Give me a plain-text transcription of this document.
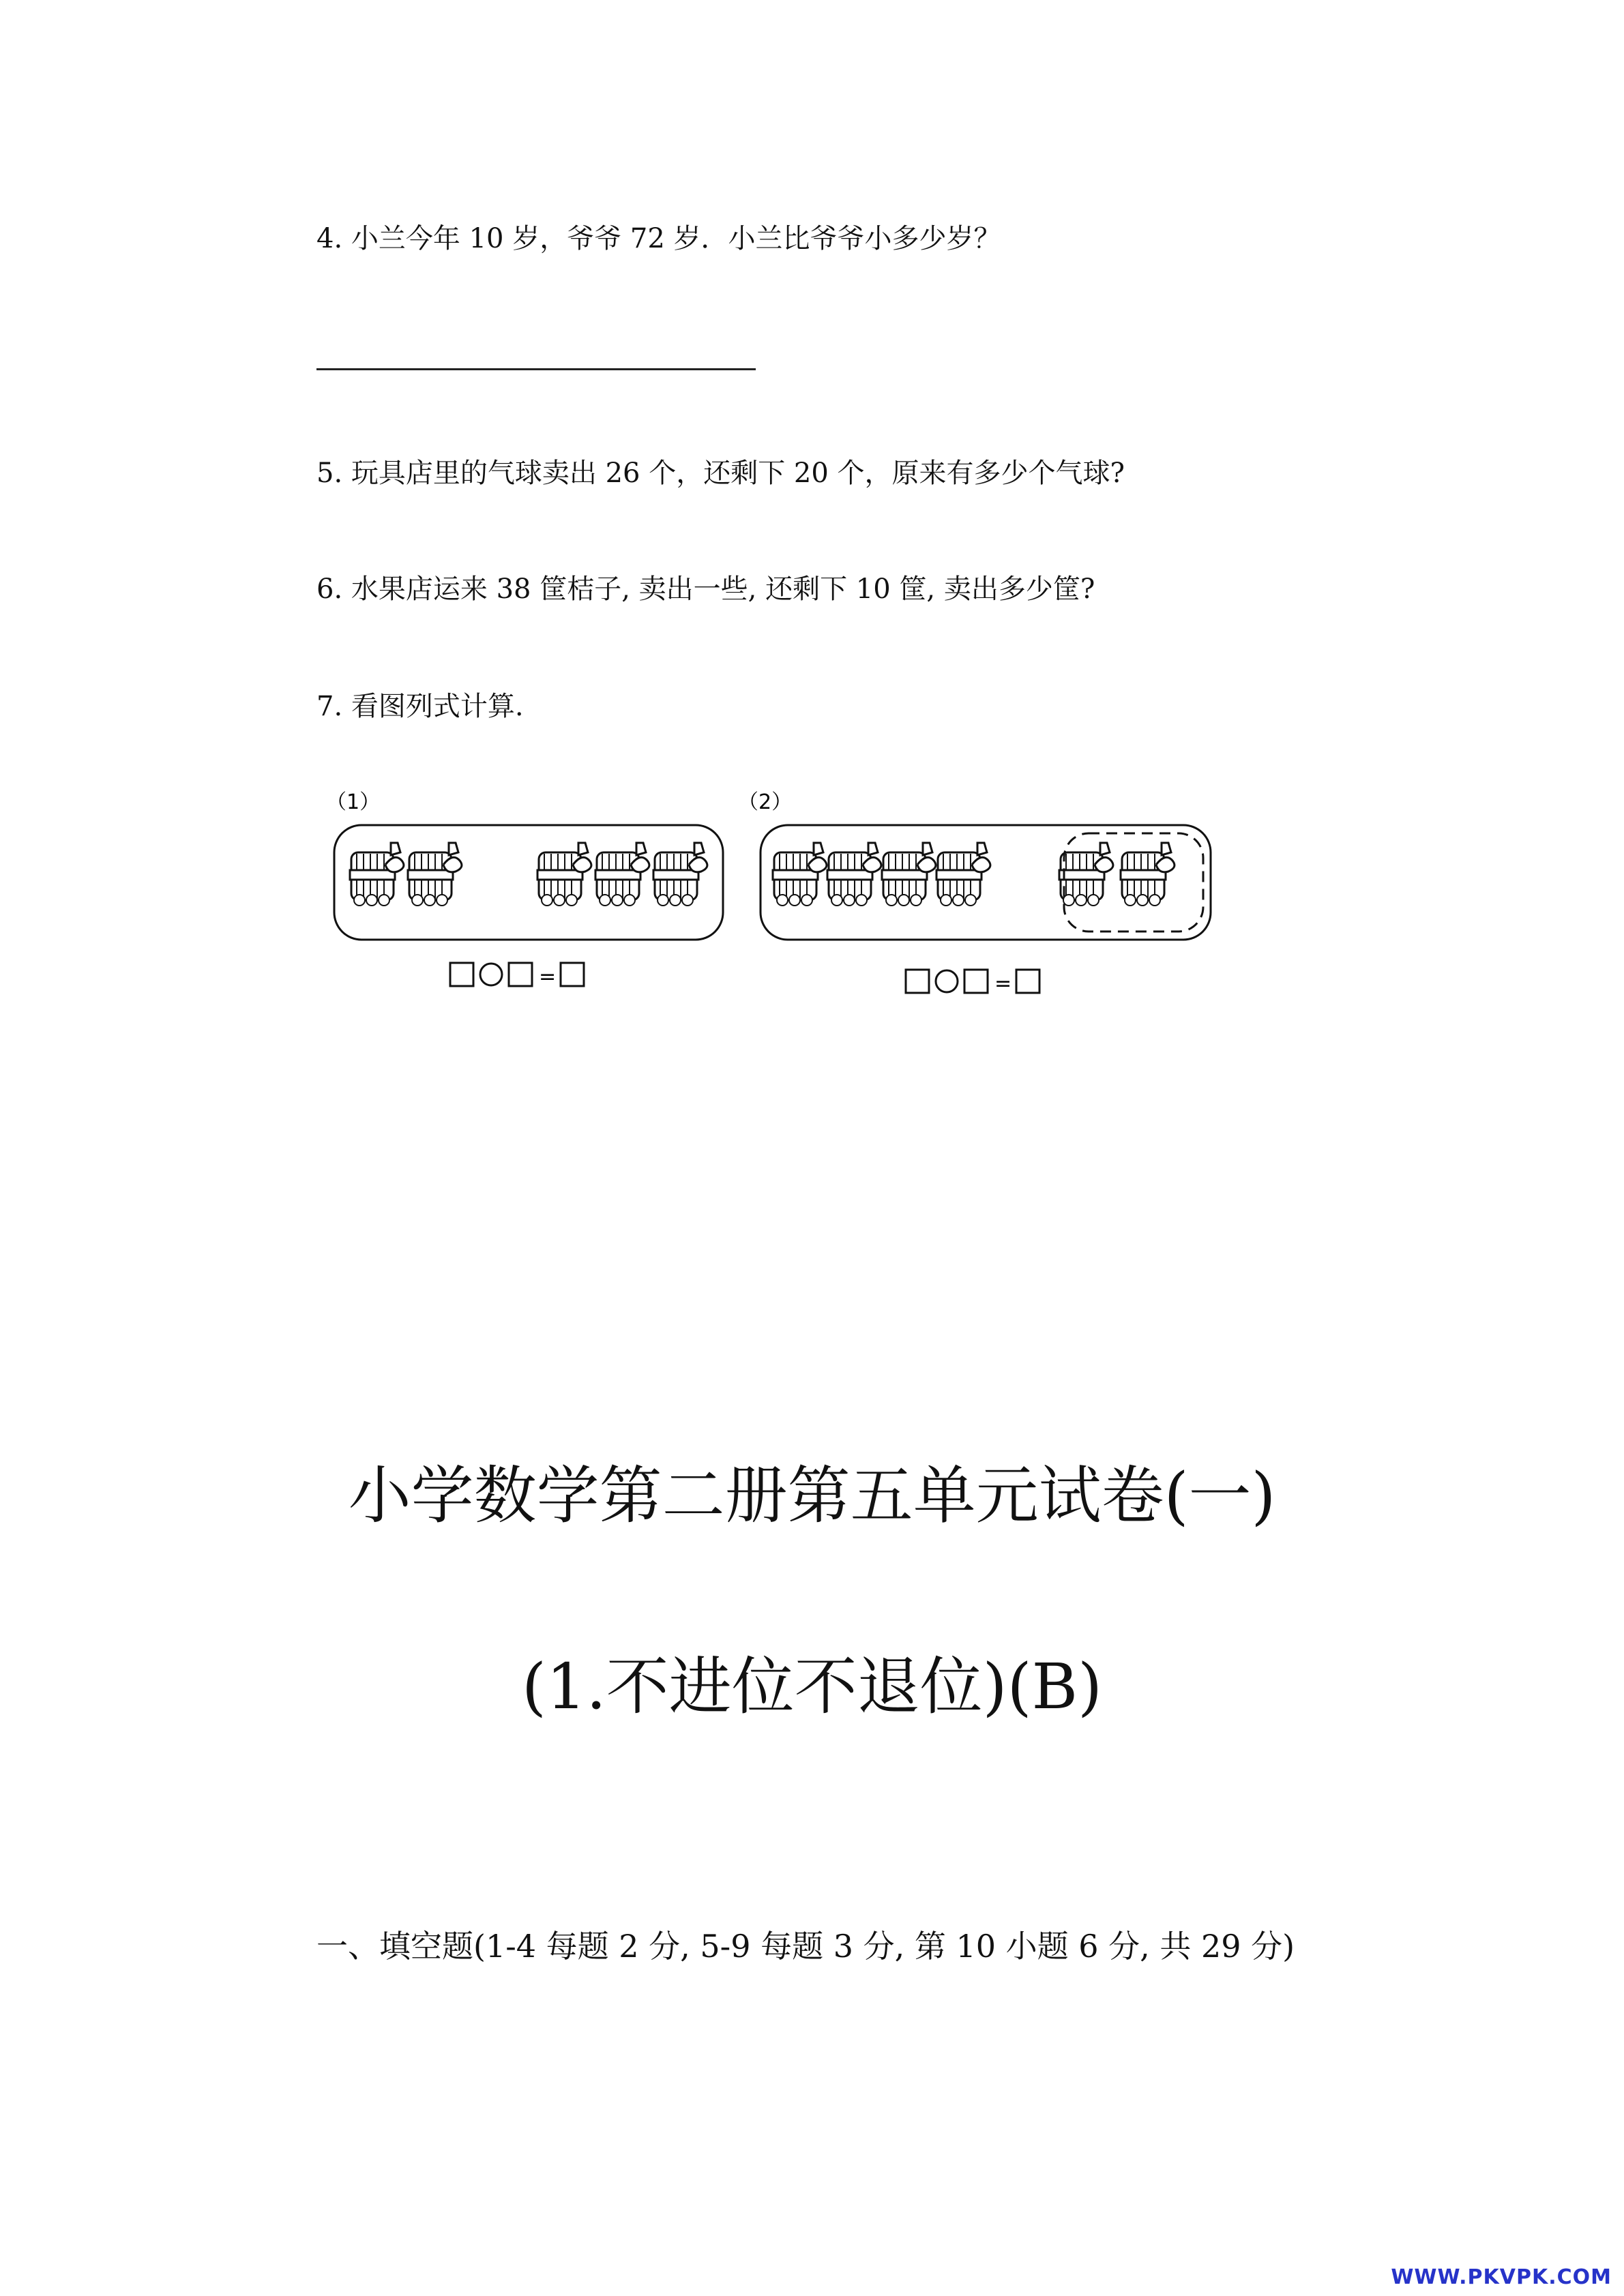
4. 小兰今年 10 岁，爷爷 72 岁．小兰比爷爷小多少岁？
5. 玩具店里的气球卖出 26 个，还剩下 20 个，原来有多少个气球?
6. 水果店运来 38 筐桔子, 卖出一些, 还剩下 10 筐, 卖出多少筐?
7. 看图列式计算.
（1）	（2）
=	=
小学数学第二册第五单元试卷(一)
(1.不进位不退位)(B)
一、填空题(1-4 每题 2 分, 5-9 每题 3 分, 第 10 小题 6 分, 共 29 分)
WWW.PKVPK.COM
